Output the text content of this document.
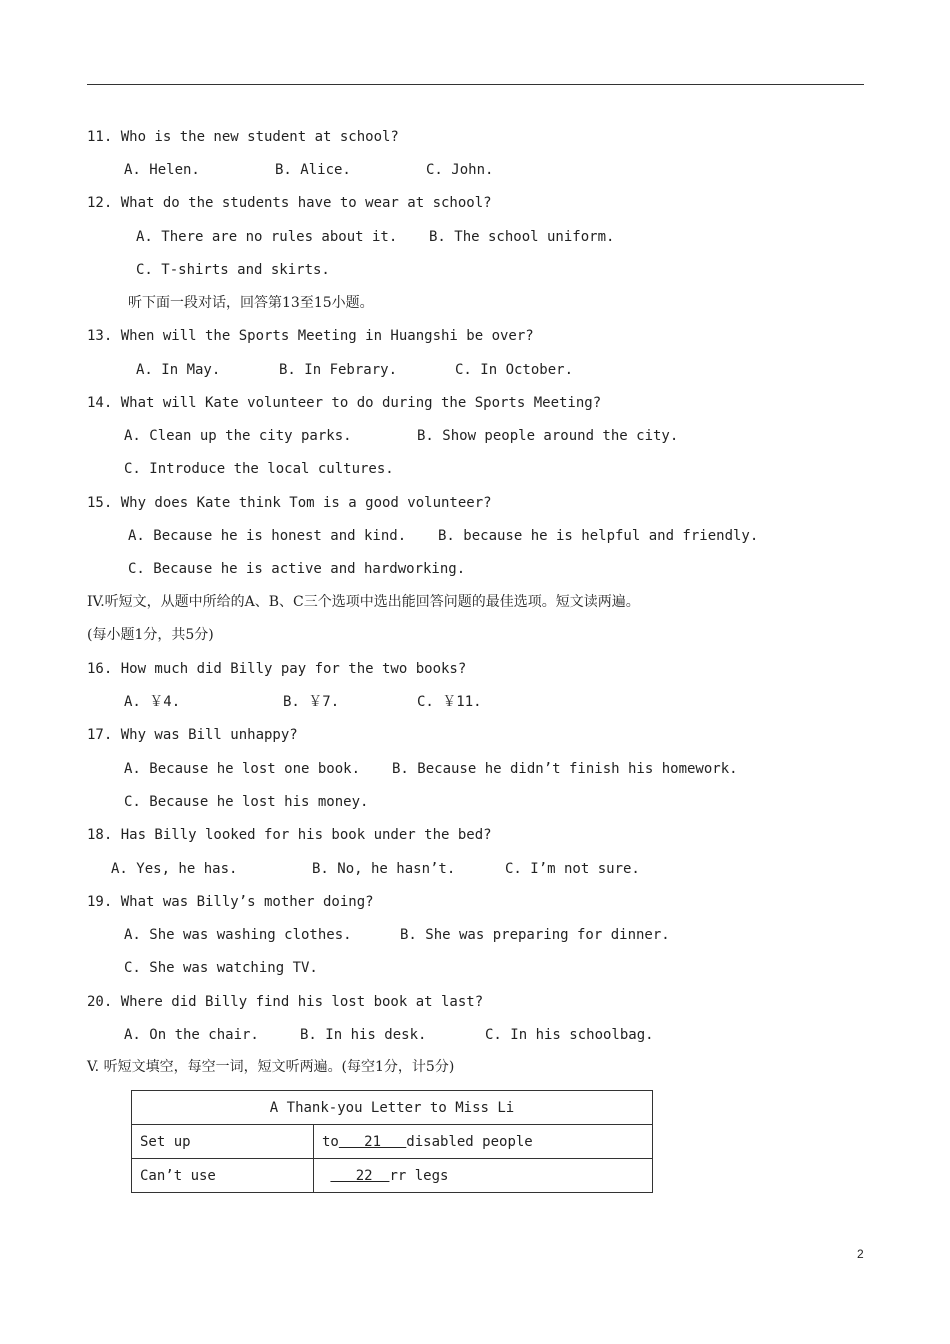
11. Who is the new student at school?
A. Helen.	B. Alice.	C. John.
12. What do the students have to wear at school?
A. There are no rules about it. B. The school uniform.
C. T-shirts and skirts.
听下面一段对话，回答第13至15小题。
13. When will the Sports Meeting in Huangshi be over?
A. In May.	B. In Febrary.	C. In October.
14. What will Kate volunteer to do during the Sports Meeting?
A. Clean up the city parks.	B. Show people around the city.
C. Introduce the local cultures.
15. Why does Kate think Tom is a good volunteer?
A. Because he is honest and kind. B. because he is helpful and friendly.
C. Because he is active and hardworking.
IV.听短文，从题中所给的A、B、C三个选项中选出能回答问题的最佳选项。短文读两遍。
(每小题1分，共5分)
16. How much did Billy pay for the two books?
A. ￥4.	B. ￥7.	C. ￥11.
17. Why was Bill unhappy?
A. Because he lost one book. B. Because he didn’t finish his homework.
C. Because he lost his money.
18. Has Billy looked for his book under the bed?
A. Yes, he has.	B. No, he hasn’t.	C. I’m not sure.
19. What was Billy’s mother doing?
A. She was washing clothes.	B. She was preparing for dinner.
C. She was watching TV.
20. Where did Billy find his lost book at last?
A. On the chair.	B. In his desk.	C. In his schoolbag.
V. 听短文填空，每空一词，短文听两遍。(每空1分，计5分)
A Thank-you Letter to Miss Li	
Set up	to   21   disabled people
Can’t use	22  rr legs
2
